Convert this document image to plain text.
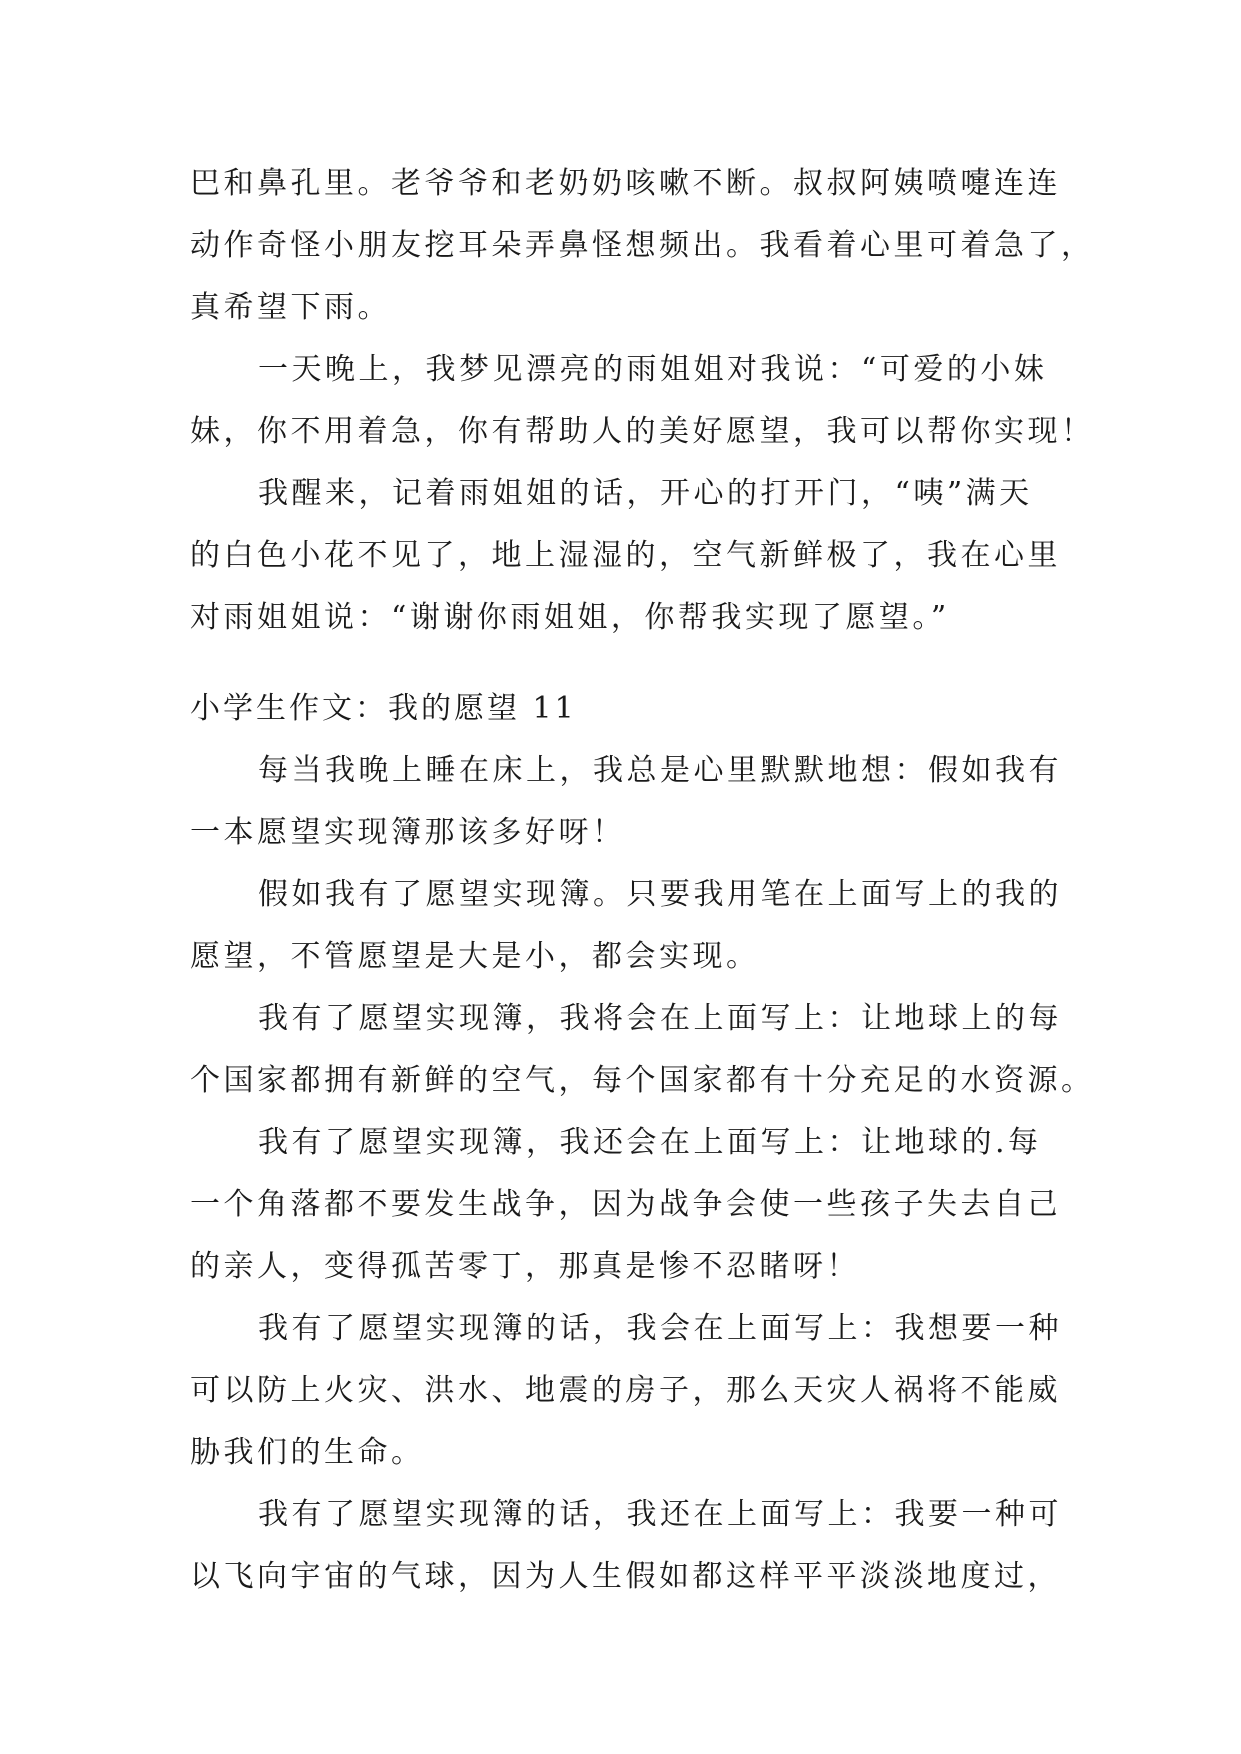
巴和鼻孔里。老爷爷和老奶奶咳嗽不断。叔叔阿姨喷嚏连连
动作奇怪小朋友挖耳朵弄鼻怪想频出。我看着心里可着急了，
真希望下雨。
一天晚上，我梦见漂亮的雨姐姐对我说：“可爱的小妹
妹，你不用着急，你有帮助人的美好愿望，我可以帮你实现！
我醒来，记着雨姐姐的话，开心的打开门，“咦”满天
的白色小花不见了，地上湿湿的，空气新鲜极了，我在心里
对雨姐姐说：“谢谢你雨姐姐，你帮我实现了愿望。”
小学生作文：我的愿望 11
每当我晚上睡在床上，我总是心里默默地想：假如我有
一本愿望实现簿那该多好呀！
假如我有了愿望实现簿。只要我用笔在上面写上的我的
愿望，不管愿望是大是小，都会实现。
我有了愿望实现簿，我将会在上面写上：让地球上的每
个国家都拥有新鲜的空气，每个国家都有十分充足的水资源。
我有了愿望实现簿，我还会在上面写上：让地球的.每
一个角落都不要发生战争，因为战争会使一些孩子失去自己
的亲人，变得孤苦零丁，那真是惨不忍睹呀！
我有了愿望实现簿的话，我会在上面写上：我想要一种
可以防上火灾、洪水、地震的房子，那么天灾人祸将不能威
胁我们的生命。
我有了愿望实现簿的话，我还在上面写上：我要一种可
以飞向宇宙的气球，因为人生假如都这样平平淡淡地度过，
